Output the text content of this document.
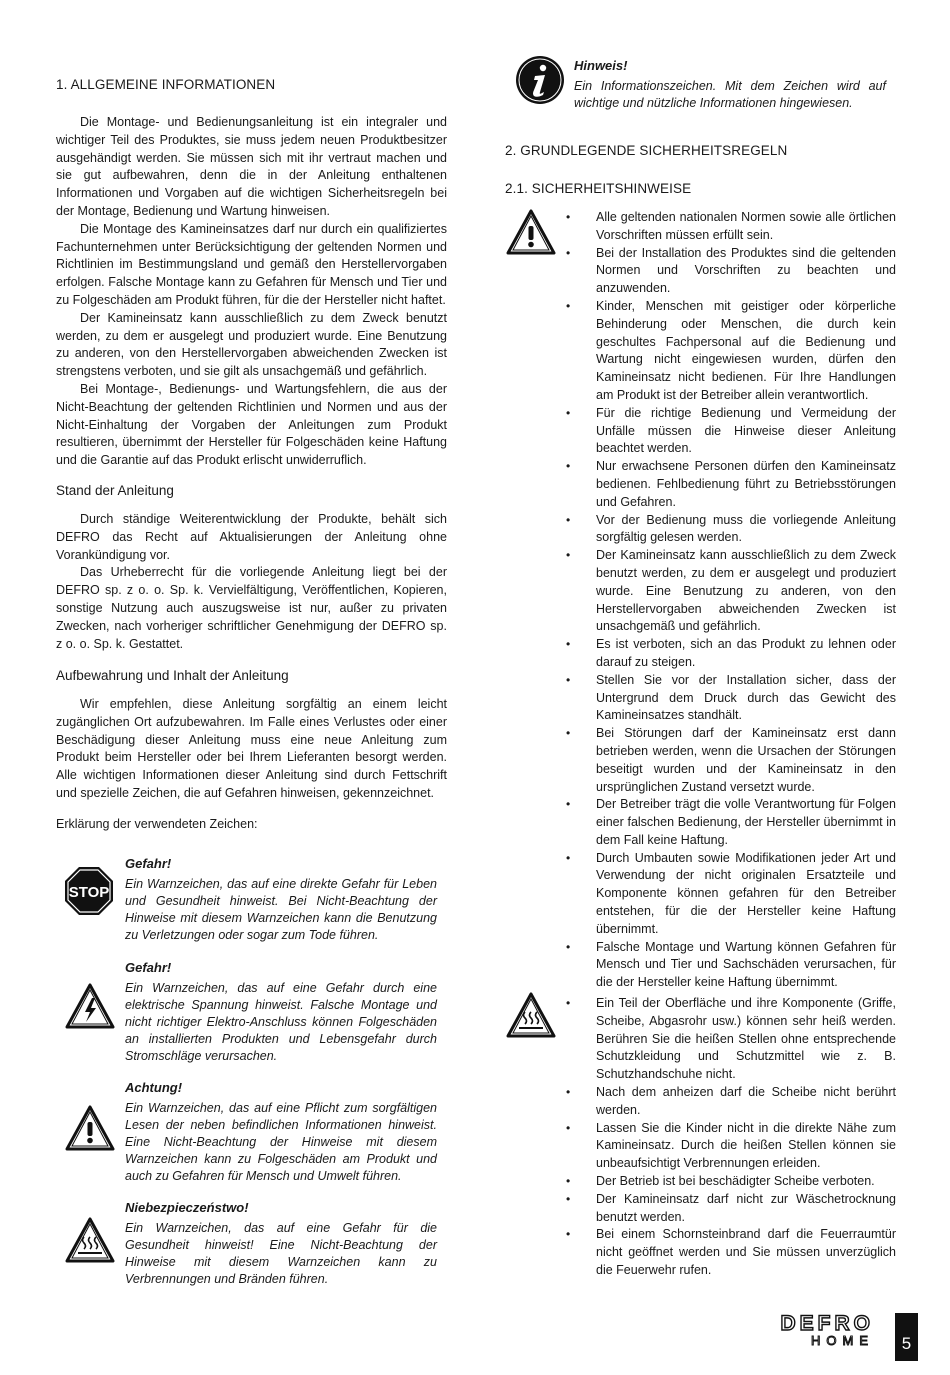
1. ALLGEMEINE INFORMATIONEN

Die Montage- und Bedienungsanleitung ist ein integraler und wichtiger Teil des Produktes, sie muss jedem neuen Produktbesitzer ausgehändigt werden. Sie müssen sich mit ihr vertraut machen und sie gut aufbewahren, denn die in der Anleitung enthaltenen Informationen und Vorgaben auf die wichtigen Sicherheitsregeln bei der Montage, Bedienung und Wartung hinweisen.

Die Montage des Kamineinsatzes darf nur durch ein qualifiziertes Fachunternehmen unter Berücksichtigung der geltenden Normen und Richtlinien im Bestimmungsland und gemäß den Herstellervorgaben erfolgen. Falsche Montage kann zu Gefahren für Mensch und Tier und zu Folgeschäden am Produkt führen, für die der Hersteller nicht haftet.

Der Kamineinsatz kann ausschließlich zu dem Zweck benutzt werden, zu dem er ausgelegt und produziert wurde. Eine Benutzung zu anderen, von den Herstellervorgaben abweichenden Zwecken ist strengstens verboten, und sie gilt als unsachgemäß und gefährlich.

Bei Montage-, Bedienungs- und Wartungsfehlern, die aus der Nicht-Beachtung der geltenden Richtlinien und Normen und aus der Nicht-Einhaltung der Vorgaben der Anleitungen zum Produkt resultieren, übernimmt der Hersteller für Folgeschäden keine Haftung und die Garantie auf das Produkt erlischt unwiderruflich.

Stand der Anleitung

Durch ständige Weiterentwicklung der Produkte, behält sich DEFRO das Recht auf Aktualisierungen der Anleitung ohne Vorankündigung vor.

Das Urheberrecht für die vorliegende Anleitung liegt bei der DEFRO sp. z o. o. Sp. k. Vervielfältigung, Veröffentlichen, Kopieren, sonstige Nutzung auch auszugsweise ist nur, außer zu privaten Zwecken, nach vorheriger schriftlicher Genehmigung der DEFRO sp. z o. o. Sp. k. Gestattet.

Aufbewahrung und Inhalt der Anleitung

Wir empfehlen, diese Anleitung sorgfältig an einem leicht zugänglichen Ort aufzubewahren. Im Falle eines Verlustes oder einer Beschädigung dieser Anleitung muss eine neue Anleitung zum Produkt beim Hersteller oder bei Ihrem Lieferanten besorgt werden. Alle wichtigen Informationen dieser Anleitung sind durch Fettschrift und spezielle Zeichen, die auf Gefahren hinweisen, gekennzeichnet.

Erklärung der verwendeten Zeichen:

STOP
Gefahr!
Ein Warnzeichen, das auf eine direkte Gefahr für Leben und Gesundheit hinweist. Bei Nicht-Beachtung der Hinweise mit diesem Warnzeichen kann die Benutzung zu Verletzungen oder sogar zum Tode führen.
Gefahr!
Ein Warnzeichen, das auf eine Gefahr durch eine elektrische Spannung hinweist. Falsche Montage und nicht richtiger Elektro-Anschluss können Folgeschäden an installierten Produkten und Lebensgefahr durch Stromschläge verursachen.
Achtung!
Ein Warnzeichen, das auf eine Pflicht zum sorgfältigen Lesen der neben befindlichen Informationen hinweist. Eine Nicht-Beachtung der Hinweise mit diesem Warnzeichen kann zu Folgeschäden am Produkt und auch zu Gefahren für Mensch und Umwelt führen.
Niebezpieczeństwo!
Ein Warnzeichen, das auf eine Gefahr für die Gesundheit hinweist! Eine Nicht-Beachtung der Hinweise mit diesem Warnzeichen kann zu Verbrennungen und Bränden führen.
Hinweis!
Ein Informationszeichen. Mit dem Zeichen wird auf wichtige und nützliche Informationen hingewiesen.
2. GRUNDLEGENDE SICHERHEITSREGELN
2.1. SICHERHEITSHINWEISE
• Alle geltenden nationalen Normen sowie alle örtlichen Vorschriften müssen erfüllt sein.
• Bei der Installation des Produktes sind die geltenden Normen und Vorschriften zu beachten und anzuwenden.
• Kinder, Menschen mit geistiger oder körperliche Behinderung oder Menschen, die durch kein geschultes Fachpersonal auf die Bedienung und Wartung nicht eingewiesen wurden, dürfen den Kamineinsatz nicht bedienen. Für Ihre Handlungen am Produkt ist der Betreiber allein verantwortlich.
• Für die richtige Bedienung und Vermeidung der Unfälle müssen die Hinweise dieser Anleitung beachtet werden.
• Nur erwachsene Personen dürfen den Kamineinsatz bedienen. Fehlbedienung führt zu Betriebsstörungen und Gefahren.
• Vor der Bedienung muss die vorliegende Anleitung sorgfältig gelesen werden.
• Der Kamineinsatz kann ausschließlich zu dem Zweck benutzt werden, zu dem er ausgelegt und produziert wurde. Eine Benutzung zu anderen, von den Herstellervorgaben abweichenden Zwecken ist unsachgemäß und gefährlich.
• Es ist verboten, sich an das Produkt zu lehnen oder darauf zu steigen.
• Stellen Sie vor der Installation sicher, dass der Untergrund dem Druck durch das Gewicht des Kamineinsatzes standhält.
• Bei Störungen darf der Kamineinsatz erst dann betrieben werden, wenn die Ursachen der Störungen beseitigt wurden und der Kamineinsatz in den ursprünglichen Zustand versetzt wurde.
• Der Betreiber trägt die volle Verantwortung für Folgen einer falschen Bedienung, der Hersteller übernimmt in dem Fall keine Haftung.
• Durch Umbauten sowie Modifikationen jeder Art und Verwendung der nicht originalen Ersatzteile und Komponente können gefahren für den Betreiber entstehen, für die der Hersteller keine Haftung übernimmt.
• Falsche Montage und Wartung können Gefahren für Mensch und Tier und Sachschäden verursachen, für die der Hersteller keine Haftung übernimmt.
• Ein Teil der Oberfläche und ihre Komponente (Griffe, Scheibe, Abgasrohr usw.) können sehr heiß werden. Berühren Sie die heißen Stellen ohne entsprechende Schutzkleidung und Schutzmittel wie z. B. Schutzhandschuhe nicht.
• Nach dem anheizen darf die Scheibe nicht berührt werden.
• Lassen Sie die Kinder nicht in die direkte Nähe zum Kamineinsatz. Durch die heißen Stellen können sie unbeaufsichtigt Verbrennungen erleiden.
• Der Betrieb ist bei beschädigter Scheibe verboten.
• Der Kamineinsatz darf nicht zur Wäschetrocknung benutzt werden.
• Bei einem Schornsteinbrand darf die Feuerraumtür nicht geöffnet werden und Sie müssen unverzüglich die Feuerwehr rufen.
DEFRO
HOME	5
